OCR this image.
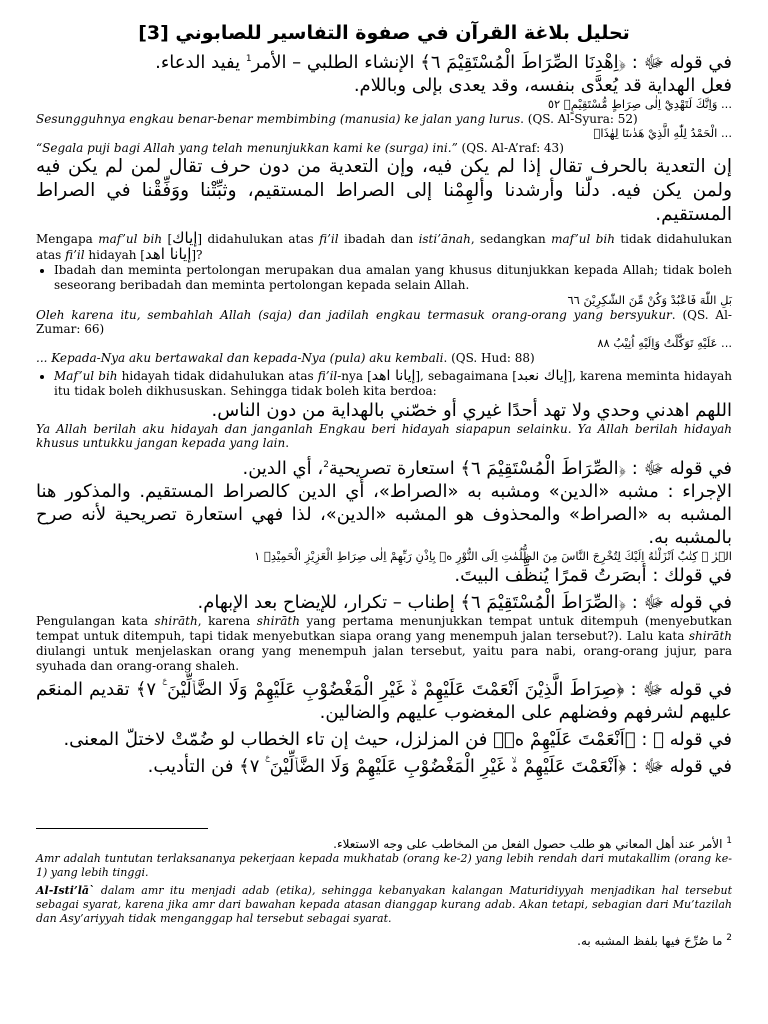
تحليل بلاغة القرآن في صفوة التفاسير للصابوني [3]

في قوله ﷻ : ﴿اِهْدِنَا الصِّرَاطَ الْمُسْتَقِيْمَ ٦﴾ الإنشاء الطلبي – الأمر$^1$ يفيد الدعاء.

فعل الهداية قد يُعدَّى بنفسه، وقد يعدى بإلى وباللام.

... وَاِنَّكَ لَتَهْدِيْٓ اِلٰى صِرَاطٍ مُّسْتَقِيْمٍۙ ٥٢

Sesungguhnya engkau benar-benar membimbing (manusia) ke jalan yang lurus. (QS. Al-Syura: 52)

... الْحَمْدُ لِلّٰهِ الَّذِيْ هَدٰىنَا لِهٰذَاۗ

“Segala puji bagi Allah yang telah menunjukkan kami ke (surga) ini.” (QS. Al-A’raf: 43)

إن التعدية بالحرف تقال إذا لم يكن فيه، وإن التعدية من دون حرف تقال لمن لم يكن فيه ولمن يكن فيه. دلّنا وأرشدنا وألهِمْنا إلى الصراط المستقيم، وثبِّتْنا ووَفِّقْنا في الصراط المستقيم.

Mengapa maf’ul bih [إياك] didahulukan atas fi’il ibadah dan isti’ānah, sedangkan maf’ul bih tidak didahulukan atas fi’il hidayah [إيانا اهد]?

• Ibadah dan meminta pertolongan merupakan dua amalan yang khusus ditunjukkan kepada Allah; tidak boleh seseorang beribadah dan meminta pertolongan kepada selain Allah.

بَلِ اللّٰهَ فَاعْبُدْ وَكُنْ مِّنَ الشّٰكِرِيْنَ ٦٦

Oleh karena itu, sembahlah Allah (saja) dan jadilah engkau termasuk orang-orang yang bersyukur. (QS. Al-Zumar: 66)

... عَلَيْهِ تَوَكَّلْتُ وَاِلَيْهِ اُنِيْبُ ٨٨

... Kepada-Nya aku bertawakal dan kepada-Nya (pula) aku kembali. (QS. Hud: 88)

• Maf’ul bih hidayah tidak didahulukan atas fi’il-nya [إيانا اهد], sebagaimana [إياك نعبد], karena meminta hidayah itu tidak boleh dikhususkan. Sehingga tidak boleh kita berdoa:

اللهم اهدني وحدي ولا تهد أحدًا غيري أو خصّني بالهداية من دون الناس.

Ya Allah berilah aku hidayah dan janganlah Engkau beri hidayah siapapun selainku. Ya Allah berilah hidayah khusus untukku jangan kepada yang lain.

في قوله ﷻ : ﴿الصِّرَاطَ الْمُسْتَقِيْمَ ٦﴾ استعارة تصريحية$^2$، أي الدين.

الإجراء : مشبه «الدين» ومشبه به «الصراط»، أي الدين كالصراط المستقيم. والمذكور هنا المشبه به «الصراط» والمحذوف هو المشبه «الدين»، لذا فهي استعارة تصريحية لأنه صرح بالمشبه به.

الۤرٰ ۗ كِتٰبٌ اَنْزَلْنٰهُ اِلَيْكَ لِتُخْرِجَ النَّاسَ مِنَ الظُّلُمٰتِ اِلَى النُّوْرِ ەۙ بِاِذْنِ رَبِّهِمْ اِلٰى صِرَاطِ الْعَزِيْزِ الْحَمِيْدِۙ ١

في قولك : أبصَرتُ قمرًا يُنظِّف البيتَ.

في قوله ﷻ : ﴿الصِّرَاطَ الْمُسْتَقِيْمَ ٦﴾ إطناب – تكرار، للإيضاح بعد الإبهام.

Pengulangan kata shirāth, karena shirāth yang pertama menunjukkan tempat untuk ditempuh (menyebutkan tempat untuk ditempuh, tapi tidak menyebutkan siapa orang yang menempuh jalan tersebut?). Lalu kata shirāth diulangi untuk menjelaskan orang yang menempuh jalan tersebut, yaitu para nabi, orang-orang jujur, para syuhada dan orang-orang shaleh.

في قوله ﷻ : ﴿صِرَاطَ الَّذِيْنَ اَنْعَمْتَ عَلَيْهِمْ ەۙ غَيْرِ الْمَغْضُوْبِ عَلَيْهِمْ وَلَا الضَّاۤلِّيْنَ ࣖ ٧﴾ تقديم المنعَم عليهم لشرفهم وفضلهم على المغضوب عليهم والضالين.

في قوله ﷻ : ﴿اَنْعَمْتَ عَلَيْهِمْ ەۙ﴾ فن المزلزل، حيث إن تاء الخطاب لو ضُمّتْ لاختلّ المعنى.

في قوله ﷻ : ﴿اَنْعَمْتَ عَلَيْهِمْ ەۙ غَيْرِ الْمَغْضُوْبِ عَلَيْهِمْ وَلَا الضَّاۤلِّيْنَ ࣖ ٧﴾ فن التأديب.

$^1$ الأمر عند أهل المعاني هو طلب حصول الفعل من المخاطب على وجه الاستعلاء.

Amr adalah tuntutan terlaksananya pekerjaan kepada mukhatab (orang ke-2) yang lebih rendah dari mutakallim (orang ke-1) yang lebih tinggi.

Al-Isti’lā` dalam amr itu menjadi adab (etika), sehingga kebanyakan kalangan Maturidiyyah menjadikan hal tersebut sebagai syarat, karena jika amr dari bawahan kepada atasan dianggap kurang adab. Akan tetapi, sebagian dari Mu’tazilah dan Asy’ariyyah tidak menganggap hal tersebut sebagai syarat.

$^2$ ما صُرِّحَ فيها بلفظ المشبه به.
